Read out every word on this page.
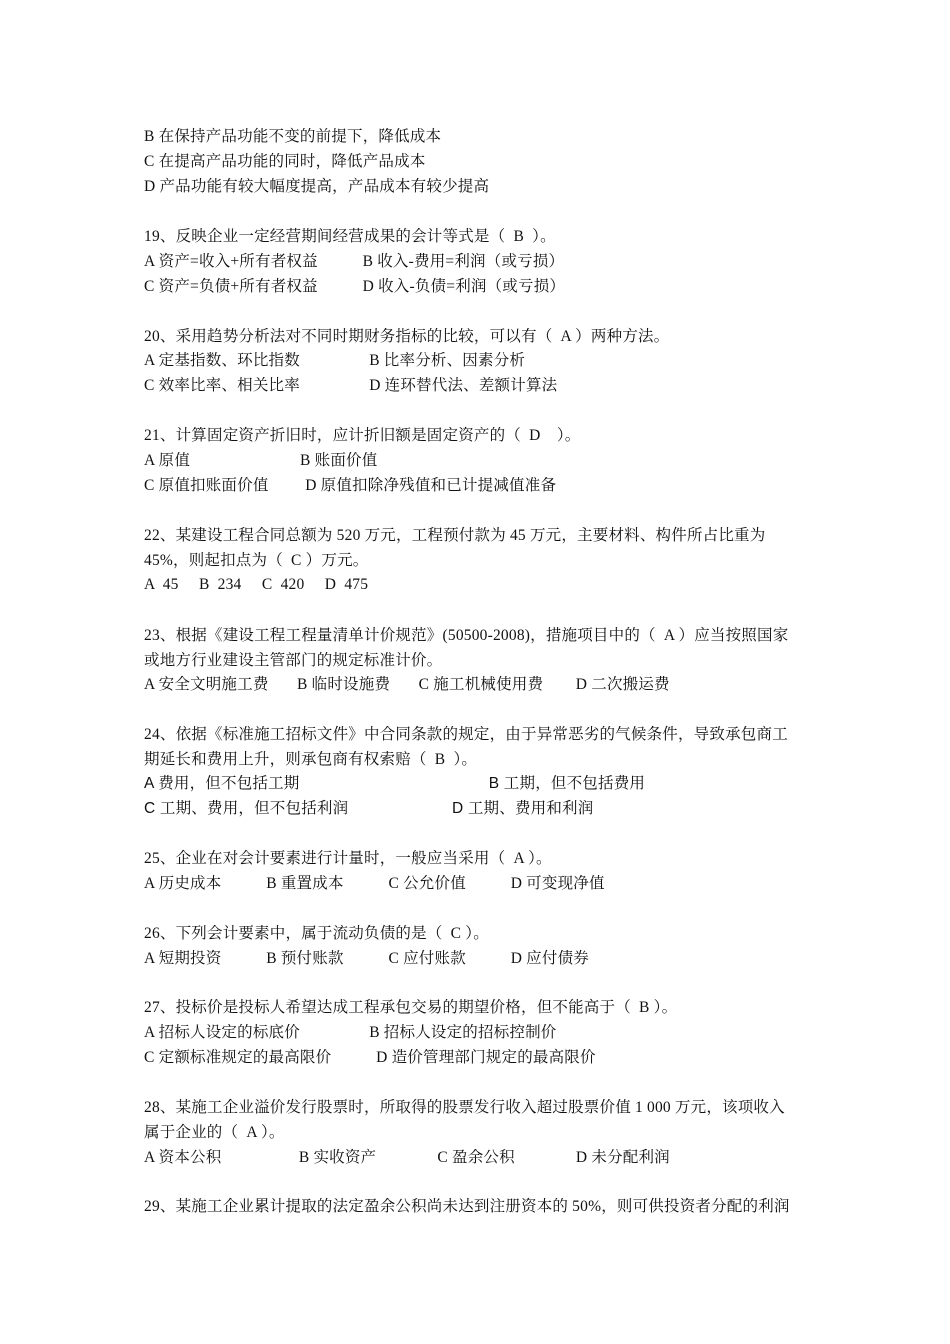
B 在保持产品功能不变的前提下，降低成本
C 在提高产品功能的同时，降低产品成本
D 产品功能有较大幅度提高，产品成本有较少提高
19、反映企业一定经营期间经营成果的会计等式是（  B  ）。
A 资产=收入+所有者权益           B 收入-费用=利润（或亏损）
C 资产=负债+所有者权益           D 收入-负债=利润（或亏损）
20、采用趋势分析法对不同时期财务指标的比较，可以有（  A ）两种方法。
A 定基指数、环比指数                 B 比率分析、因素分析
C 效率比率、相关比率                 D 连环替代法、差额计算法
21、计算固定资产折旧时，应计折旧额是固定资产的（  D    ）。
A 原值                           B 账面价值
C 原值扣账面价值         D 原值扣除净残值和已计提减值准备
22、某建设工程合同总额为 520 万元，工程预付款为 45 万元，主要材料、构件所占比重为
45%，则起扣点为（  C ）万元。
A  45     B  234     C  420     D  475
23、根据《建设工程工程量清单计价规范》(50500-2008)，措施项目中的（  A ）应当按照国家
或地方行业建设主管部门的规定标准计价。
A 安全文明施工费       B 临时设施费       C 施工机械使用费        D 二次搬运费
24、依据《标准施工招标文件》中合同条款的规定，由于异常恶劣的气候条件，导致承包商工
期延长和费用上升，则承包商有权索赔（  B  ）。
A 费用，但不包括工期                                          B 工期，但不包括费用
C 工期、费用，但不包括利润                       D 工期、费用和利润
25、企业在对会计要素进行计量时，一般应当采用（  A ）。
A 历史成本           B 重置成本           C 公允价值           D 可变现净值
26、下列会计要素中，属于流动负债的是（  C ）。
A 短期投资           B 预付账款           C 应付账款           D 应付债券
27、投标价是投标人希望达成工程承包交易的期望价格，但不能高于（  B ）。
A 招标人设定的标底价                 B 招标人设定的招标控制价
C 定额标准规定的最高限价           D 造价管理部门规定的最高限价
28、某施工企业溢价发行股票时，所取得的股票发行收入超过股票价值 1 000 万元，该项收入
属于企业的（  A ）。
A 资本公积                   B 实收资产               C 盈余公积               D 未分配利润
29、某施工企业累计提取的法定盈余公积尚未达到注册资本的 50%，则可供投资者分配的利润
